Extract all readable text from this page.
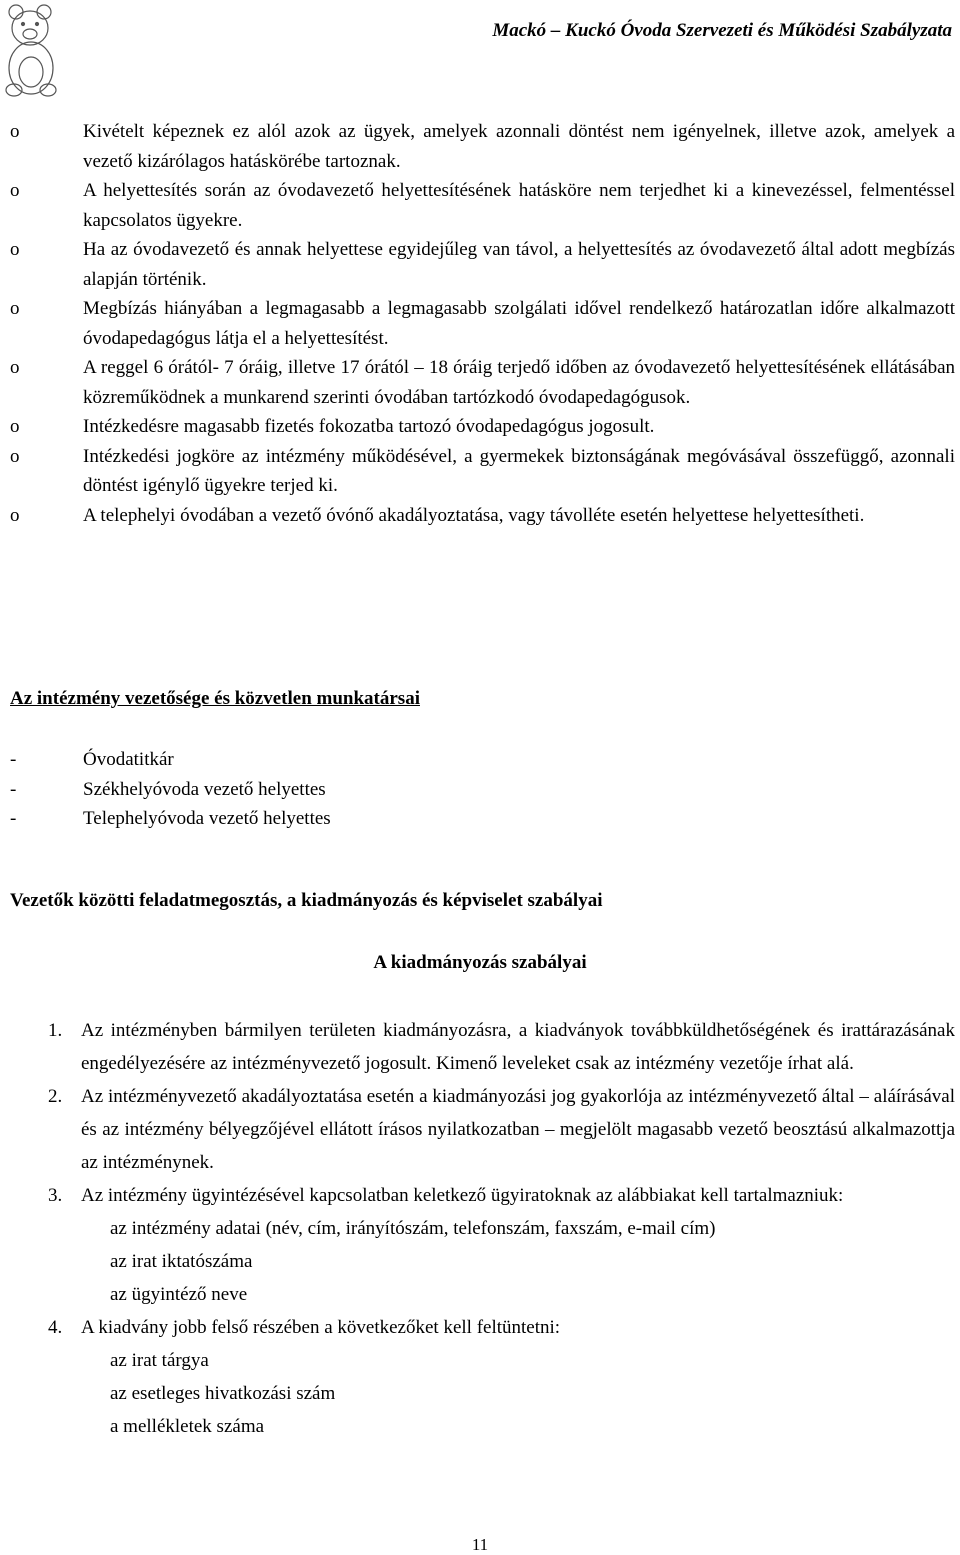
Mackó – Kuckó Óvoda Szervezeti és Működési Szabályzata
o	Kivételt képeznek ez alól azok az ügyek, amelyek azonnali döntést nem igényelnek, illetve azok, amelyek a vezető kizárólagos hatáskörébe tartoznak.
o	A helyettesítés során az óvodavezető helyettesítésének hatásköre nem terjedhet ki a kinevezéssel, felmentéssel kapcsolatos ügyekre.
o	Ha az óvodavezető és annak helyettese egyidejűleg van távol, a helyettesítés az óvodavezető által adott megbízás alapján történik.
o	Megbízás hiányában a legmagasabb a legmagasabb szolgálati idővel rendelkező határozatlan időre alkalmazott óvodapedagógus látja el a helyettesítést.
o	A reggel 6 órától- 7 óráig, illetve 17 órától – 18 óráig terjedő időben az óvodavezető helyettesítésének ellátásában közreműködnek a munkarend szerinti óvodában tartózkodó óvodapedagógusok.
o	Intézkedésre magasabb fizetés fokozatba tartozó óvodapedagógus jogosult.
o	Intézkedési jogköre az intézmény működésével, a gyermekek biztonságának megóvásával összefüggő, azonnali döntést igénylő ügyekre terjed ki.
o	A telephelyi óvodában a vezető óvónő akadályoztatása, vagy távolléte esetén helyettese helyettesítheti.
Az intézmény vezetősége és közvetlen munkatársai
-	Óvodatitkár
-	Székhelyóvoda vezető helyettes
-	Telephelyóvoda vezető helyettes
Vezetők közötti feladatmegosztás, a kiadmányozás és képviselet szabályai
A kiadmányozás szabályai
1. Az intézményben bármilyen területen kiadmányozásra, a kiadványok továbbküldhetőségének és irattárazásának engedélyezésére az intézményvezető jogosult. Kimenő leveleket csak az intézmény vezetője írhat alá.
2. Az intézményvezető akadályoztatása esetén a kiadmányozási jog gyakorlója az intézményvezető által – aláírásával és az intézmény bélyegzőjével ellátott írásos nyilatkozatban – megjelölt magasabb vezető beosztású alkalmazottja az intézménynek.
3. Az intézmény ügyintézésével kapcsolatban keletkező ügyiratoknak az alábbiakat kell tartalmazniuk:
az intézmény adatai (név, cím, irányítószám, telefonszám, faxszám, e-mail cím)
az irat iktatószáma
az ügyintéző neve
4. A kiadvány jobb felső részében a következőket kell feltüntetni:
az irat tárgya
az esetleges hivatkozási szám
a mellékletek száma
11
